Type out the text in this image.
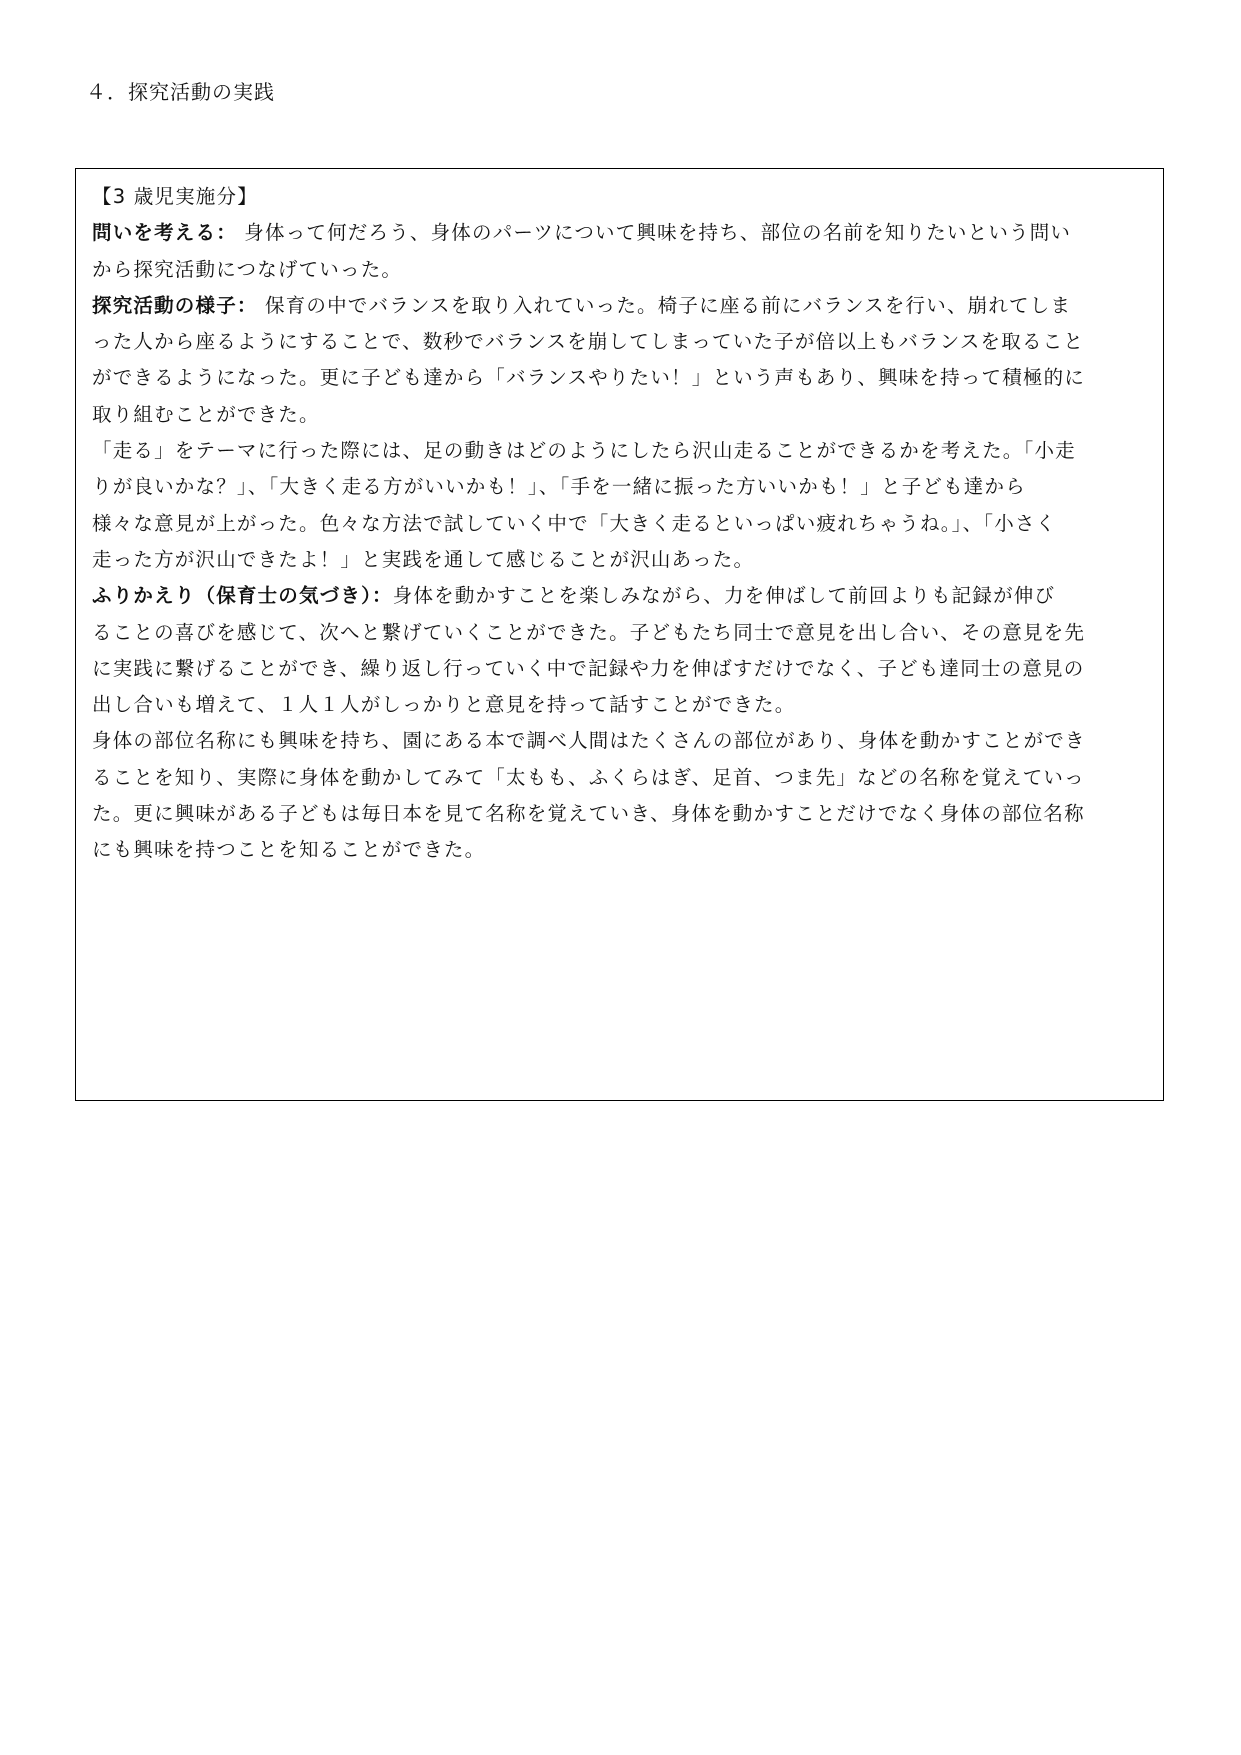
４．探究活動の実践
【3 歳児実施分】
問いを考える： 身体って何だろう、身体のパーツについて興味を持ち、部位の名前を知りたいという問い
から探究活動につなげていった。
探究活動の様子： 保育の中でバランスを取り入れていった。椅子に座る前にバランスを行い、崩れてしま
った人から座るようにすることで、数秒でバランスを崩してしまっていた子が倍以上もバランスを取ること
ができるようになった。更に子ども達から「バランスやりたい！」という声もあり、興味を持って積極的に
取り組むことができた。
「走る」をテーマに行った際には、足の動きはどのようにしたら沢山走ることができるかを考えた。「小走
りが良いかな？」、「大きく走る方がいいかも！」、「手を一緒に振った方いいかも！」と子ども達から
様々な意見が上がった。色々な方法で試していく中で「大きく走るといっぱい疲れちゃうね。」、「小さく
走った方が沢山できたよ！」と実践を通して感じることが沢山あった。
ふりかえり（保育士の気づき）：身体を動かすことを楽しみながら、力を伸ばして前回よりも記録が伸び
ることの喜びを感じて、次へと繋げていくことができた。子どもたち同士で意見を出し合い、その意見を先
に実践に繋げることができ、繰り返し行っていく中で記録や力を伸ばすだけでなく、子ども達同士の意見の
出し合いも増えて、１人１人がしっかりと意見を持って話すことができた。
身体の部位名称にも興味を持ち、園にある本で調べ人間はたくさんの部位があり、身体を動かすことができ
ることを知り、実際に身体を動かしてみて「太もも、ふくらはぎ、足首、つま先」などの名称を覚えていっ
た。更に興味がある子どもは毎日本を見て名称を覚えていき、身体を動かすことだけでなく身体の部位名称
にも興味を持つことを知ることができた。
